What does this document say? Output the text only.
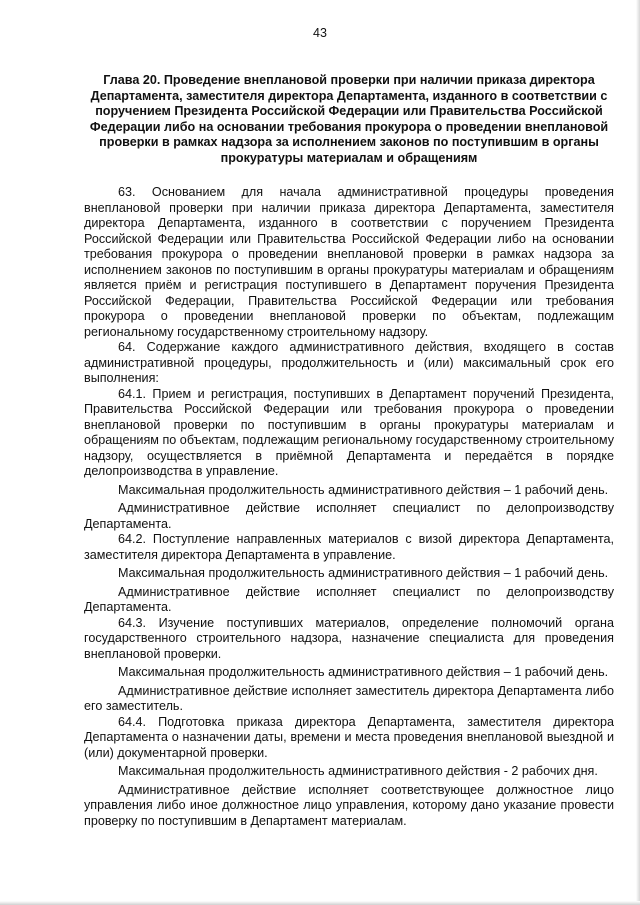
43
Глава 20. Проведение внеплановой проверки при наличии приказа директора Департамента, заместителя директора Департамента, изданного в соответствии с поручением Президента Российской Федерации или Правительства Российской Федерации либо на основании требования прокурора о проведении внеплановой проверки в рамках надзора за исполнением законов по поступившим в органы прокуратуры материалам и обращениям

63. Основанием для начала административной процедуры проведения внеплановой проверки при наличии приказа директора Департамента, заместителя директора Департамента, изданного в соответствии с поручением Президента Российской Федерации или Правительства Российской Федерации либо на основании требования прокурора о проведении внеплановой проверки в рамках надзора за исполнением законов по поступившим в органы прокуратуры материалам и обращениям является приём и регистрация поступившего в Департамент поручения Президента Российской Федерации, Правительства Российской Федерации или требования прокурора о проведении внеплановой проверки по объектам, подлежащим региональному государственному строительному надзору.

64. Содержание каждого административного действия, входящего в состав административной процедуры, продолжительность и (или) максимальный срок его выполнения:

64.1. Прием и регистрация, поступивших в Департамент поручений Президента, Правительства Российской Федерации или требования прокурора о проведении внеплановой проверки по поступившим в органы прокуратуры материалам и обращениям по объектам, подлежащим региональному государственному строительному надзору, осуществляется в приёмной Департамента и передаётся в порядке делопроизводства в управление.

Максимальная продолжительность административного действия – 1 рабочий день.

Административное действие исполняет специалист по делопроизводству Департамента.

64.2. Поступление направленных материалов с визой директора Департамента, заместителя директора Департамента в управление.

Максимальная продолжительность административного действия – 1 рабочий день.

Административное действие исполняет специалист по делопроизводству Департамента.

64.3. Изучение поступивших материалов, определение полномочий органа государственного строительного надзора, назначение специалиста для проведения внеплановой проверки.

Максимальная продолжительность административного действия – 1 рабочий день.

Административное действие исполняет заместитель директора Департамента либо его заместитель.

64.4. Подготовка приказа директора Департамента, заместителя директора Департамента о назначении даты, времени и места проведения внеплановой выездной и (или) документарной проверки.

Максимальная продолжительность административного действия - 2 рабочих дня.

Административное действие исполняет соответствующее должностное лицо управления либо иное должностное лицо управления, которому дано указание провести проверку по поступившим в Департамент материалам.
